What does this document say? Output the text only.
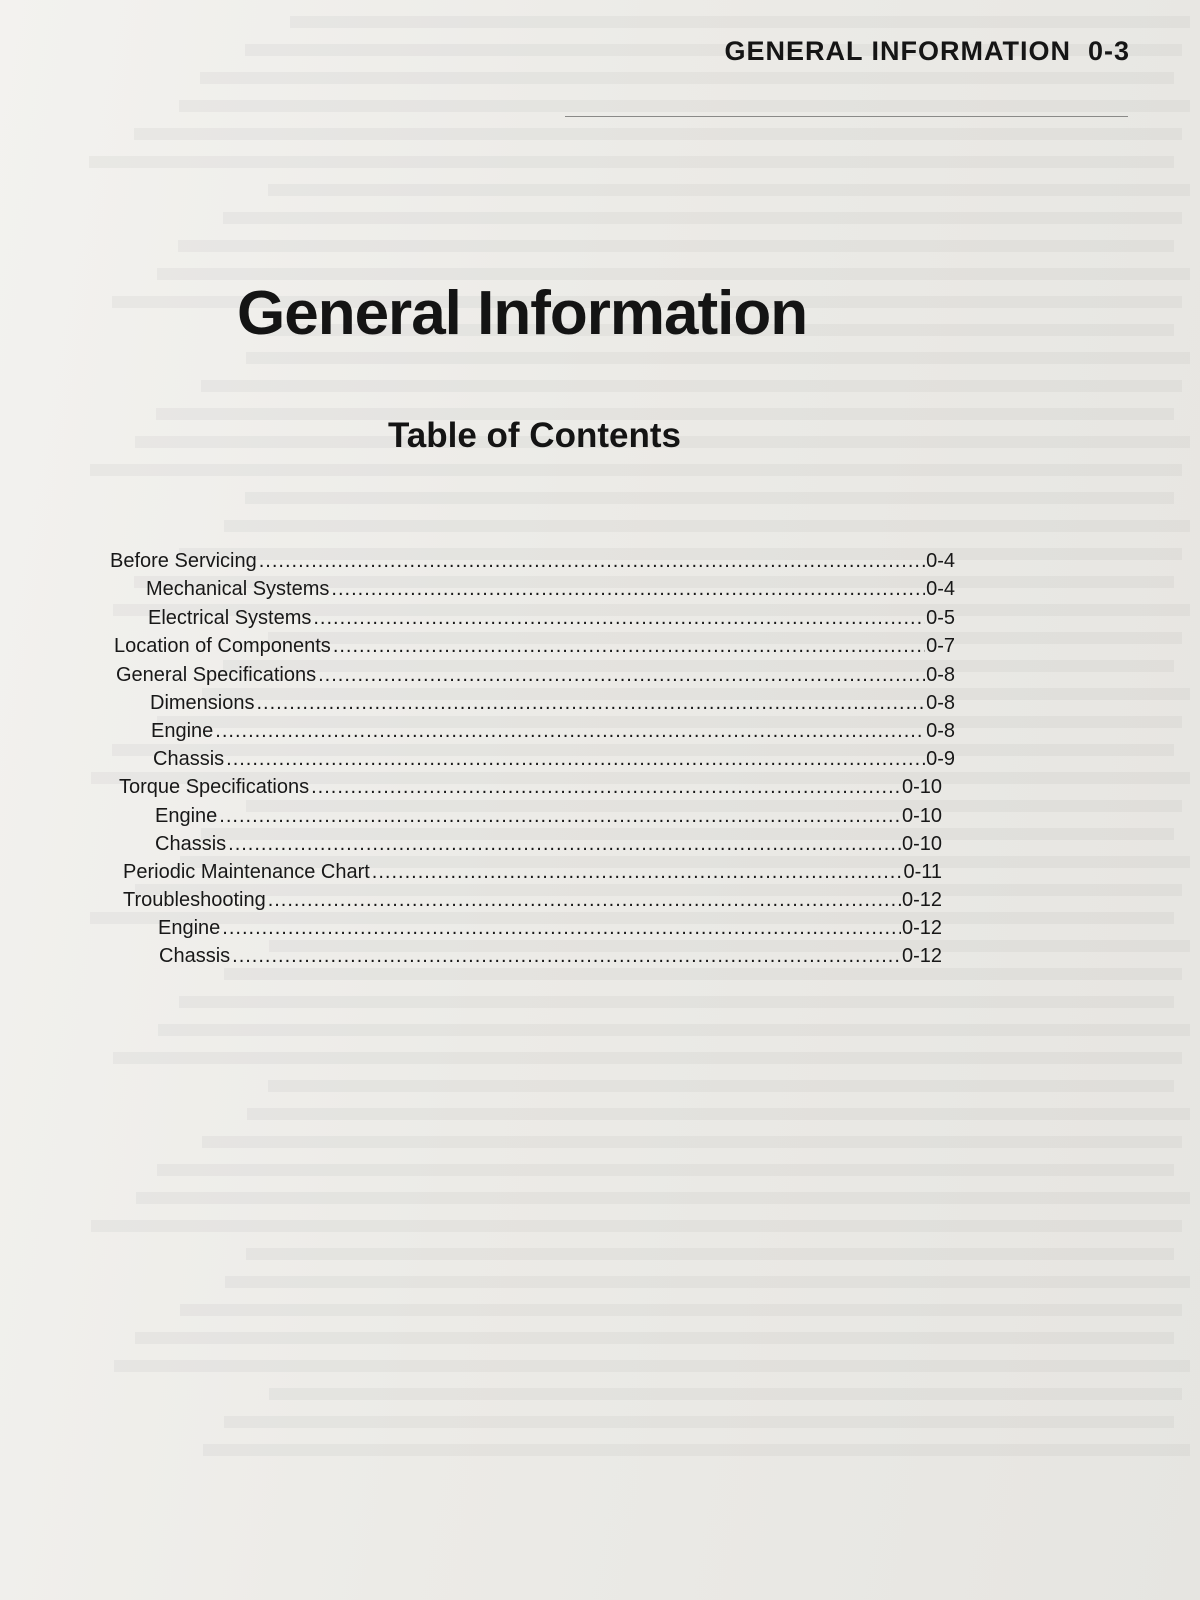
GENERAL INFORMATION 0-3
General Information
Table of Contents
Before Servicing .....	0-4
Mechanical Systems .....	0-4
Electrical Systems .....	0-5
Location of Components .....	0-7
General Specifications .....	0-8
Dimensions .....	0-8
Engine .....	0-8
Chassis .....	0-9
Torque Specifications .....	0-10
Engine .....	0-10
Chassis .....	0-10
Periodic Maintenance Chart .....	0-11
Troubleshooting .....	0-12
Engine .....	0-12
Chassis .....	0-12
